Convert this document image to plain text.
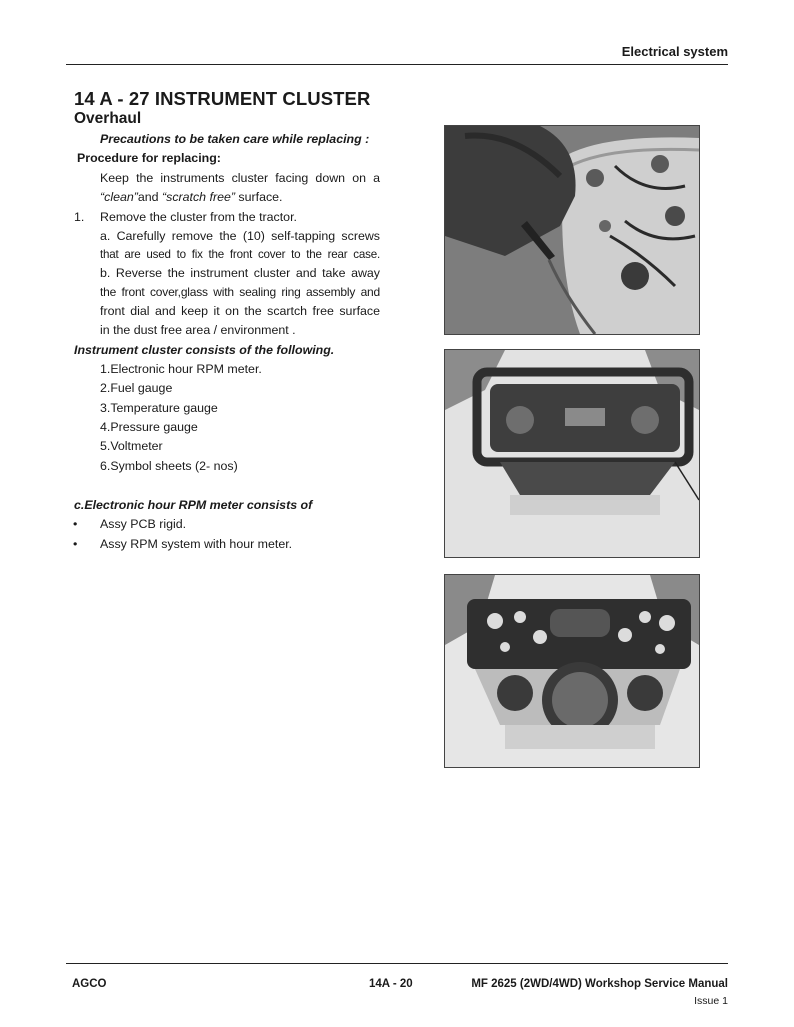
Electrical system
14 A - 27 INSTRUMENT CLUSTER
Overhaul
Precautions to be taken care while replacing :
Procedure for replacing:
Keep the instruments cluster facing down on a
“clean”and “scratch free” surface.
1. Remove the cluster from the tractor.
a. Carefully remove the (10) self-tapping screws
that are used to fix the front cover to the rear case.
b. Reverse the instrument cluster and take away
the front cover,glass with sealing ring assembly and
front dial and keep it on the scartch free surface
in the dust free area / environment .
Instrument cluster consists of the following.
1.Electronic hour RPM meter.
2.Fuel gauge
3.Temperature gauge
4.Pressure gauge
5.Voltmeter
6.Symbol sheets (2- nos)
c.Electronic hour RPM meter consists of
• Assy PCB rigid.
• Assy RPM system with hour meter.
AGCO	14A - 20	MF 2625 (2WD/4WD) Workshop Service Manual
Issue 1
